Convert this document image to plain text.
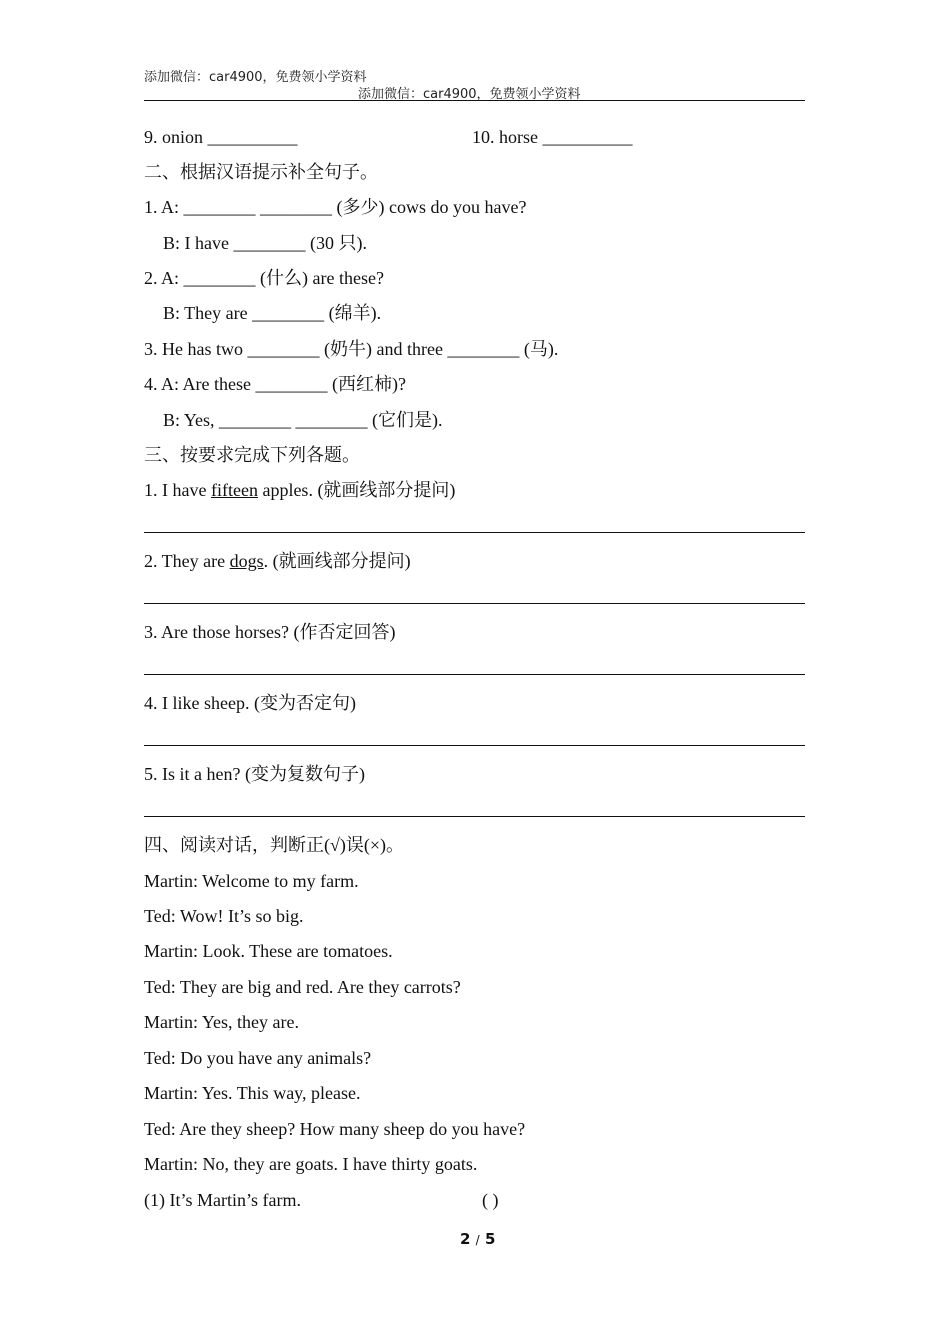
添加微信：car4900，免费领小学资料
添加微信：car4900，免费领小学资料
9. onion __________	10. horse __________
二、根据汉语提示补全句子。
1. A: ________ ________ (多少) cows do you have?
B: I have ________ (30 只).
2. A: ________ (什么) are these?
B: They are ________ (绵羊).
3. He has two ________ (奶牛) and three ________ (马).
4. A: Are these ________ (西红柿)?
B: Yes, ________ ________ (它们是).
三、按要求完成下列各题。
1. I have fifteen apples. (就画线部分提问)
2. They are dogs. (就画线部分提问)
3. Are those horses? (作否定回答)
4. I like sheep. (变为否定句)
5. Is it a hen? (变为复数句子)
四、阅读对话，判断正(√)误(×)。
Martin: Welcome to my farm.
Ted: Wow! It’s so big.
Martin: Look. These are tomatoes.
Ted: They are big and red. Are they carrots?
Martin: Yes, they are.
Ted: Do you have any animals?
Martin: Yes. This way, please.
Ted: Are they sheep? How many sheep do you have?
Martin: No, they are goats. I have thirty goats.
(1) It’s Martin’s farm.	( )
2 / 5
